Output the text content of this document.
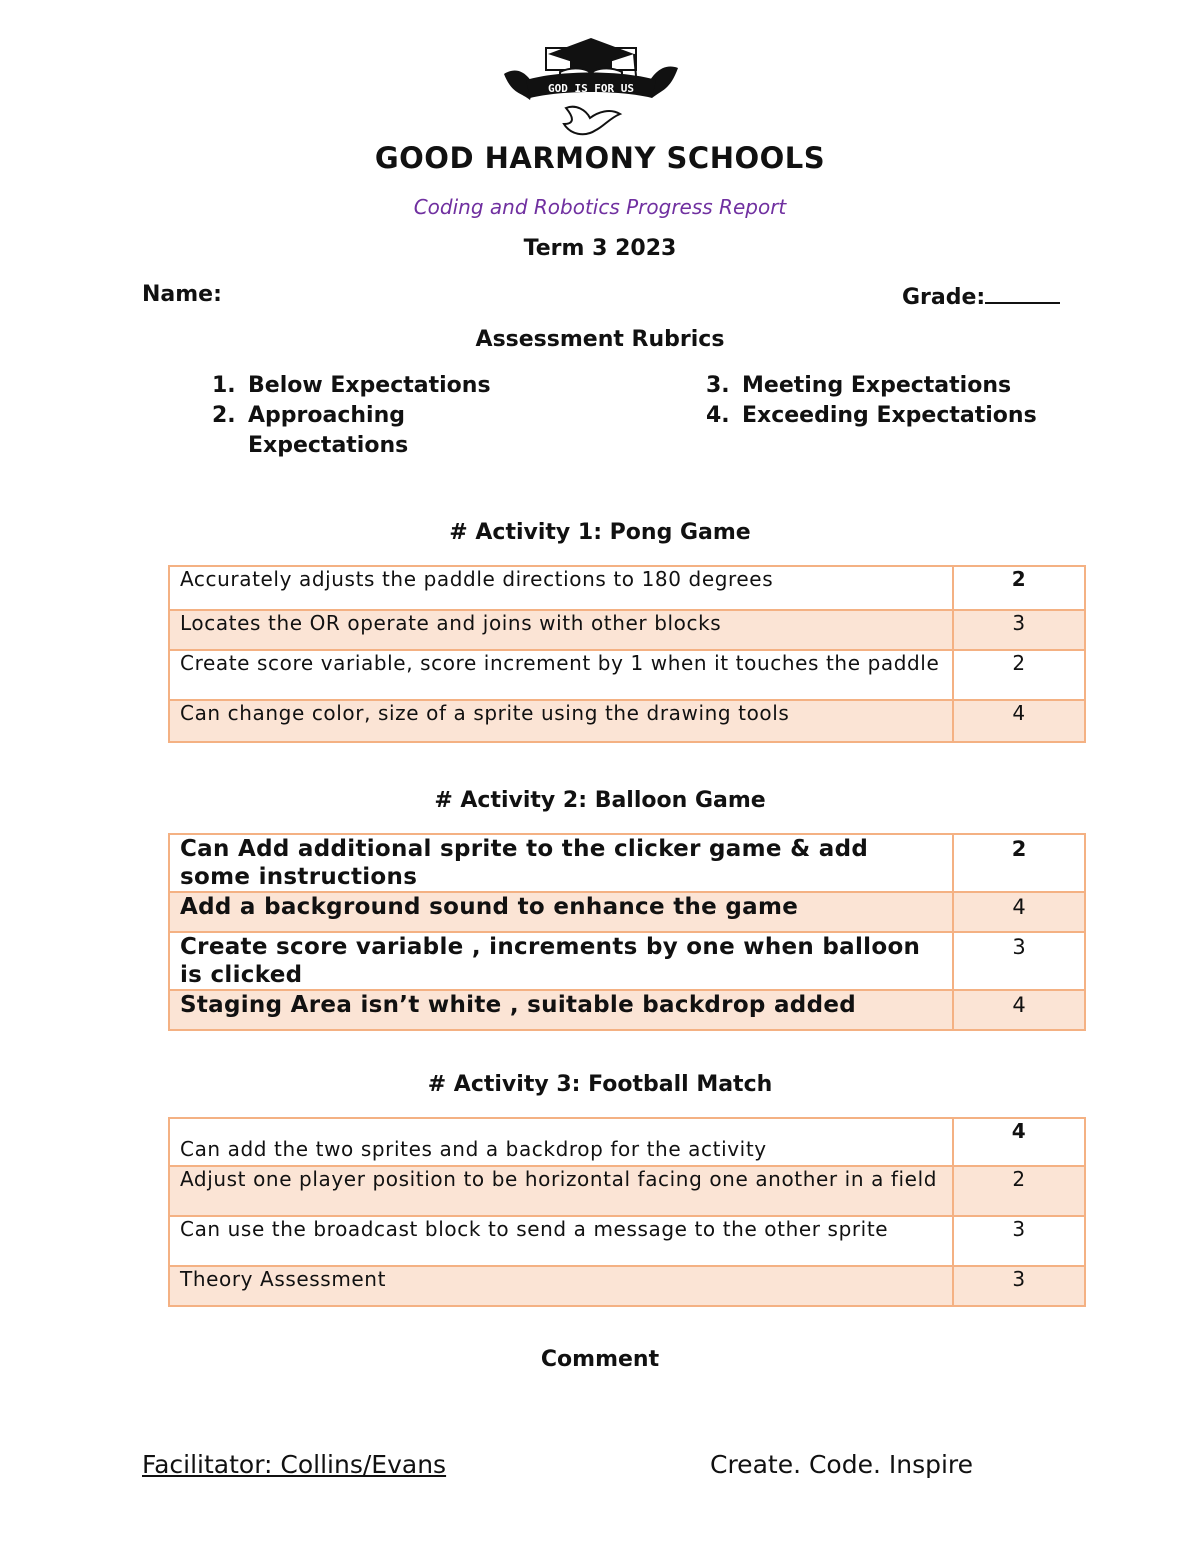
GOD IS FOR US
GOOD HARMONY SCHOOLS
Coding and Robotics Progress Report
Term 3 2023
Name:	Grade:
Assessment Rubrics
1. Below Expectations
2. Approaching
Expectations
3. Meeting Expectations
4. Exceeding Expectations
# Activity 1: Pong Game
Accurately adjusts the paddle directions to 180 degrees	2
Locates the OR operate and joins with other blocks	3
Create score variable, score increment by 1 when it touches the paddle	2
Can change color, size of a sprite using the drawing tools	4
# Activity 2: Balloon Game
Can Add additional sprite to the clicker game & add some instructions	2
Add a background sound to enhance the game	4
Create score variable , increments by one when balloon is clicked	3
Staging Area isn’t white , suitable backdrop added	4
# Activity 3: Football Match
Can add the two sprites and a backdrop for the activity	4
Adjust one player position to be horizontal facing one another in a field	2
Can use the broadcast block to send a message to the other sprite	3
Theory Assessment	3
Comment
Facilitator: Collins/Evans	Create. Code. Inspire
